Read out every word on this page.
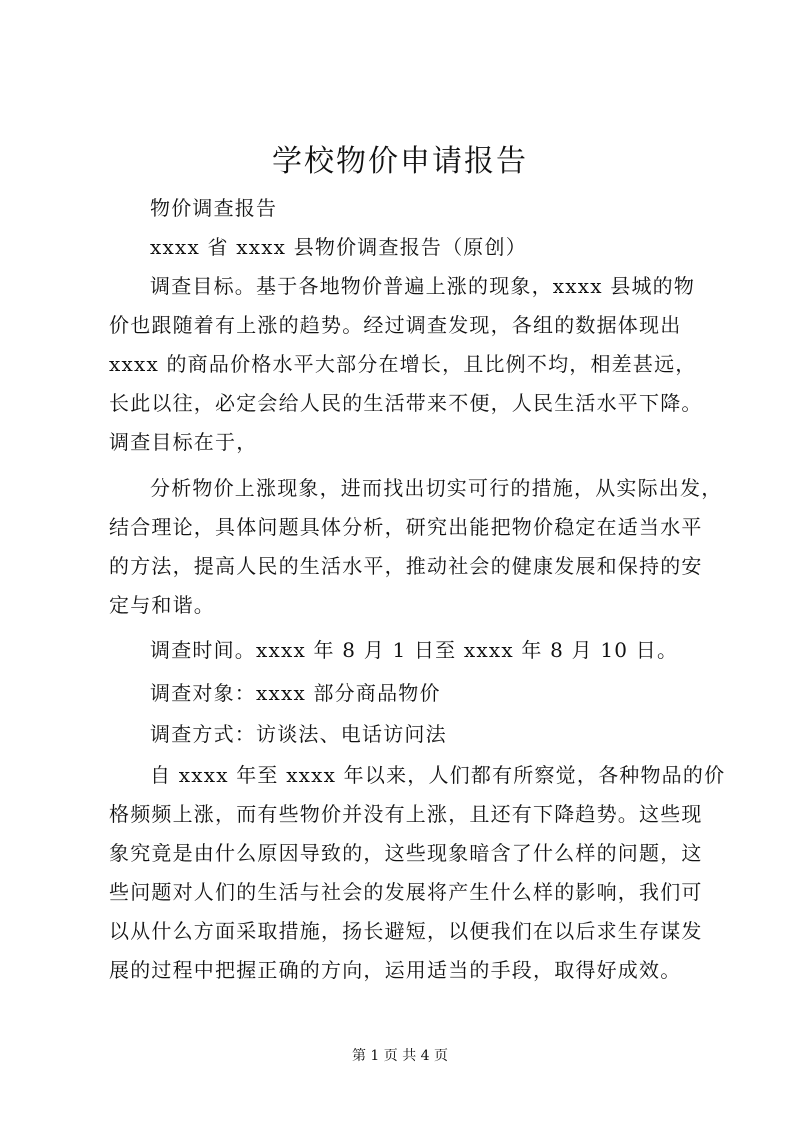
学校物价申请报告

物价调查报告

xxxx 省 xxxx 县物价调查报告（原创）

调查目标。基于各地物价普遍上涨的现象，xxxx 县城的物

价也跟随着有上涨的趋势。经过调查发现，各组的数据体现出

xxxx 的商品价格水平大部分在增长，且比例不均，相差甚远，

长此以往，必定会给人民的生活带来不便，人民生活水平下降。

调查目标在于，

分析物价上涨现象，进而找出切实可行的措施，从实际出发，

结合理论，具体问题具体分析，研究出能把物价稳定在适当水平

的方法，提高人民的生活水平，推动社会的健康发展和保持的安

定与和谐。

调查时间。xxxx 年 8 月 1 日至 xxxx 年 8 月 10 日。

调查对象：xxxx 部分商品物价

调查方式：访谈法、电话访问法

自 xxxx 年至 xxxx 年以来，人们都有所察觉，各种物品的价

格频频上涨，而有些物价并没有上涨，且还有下降趋势。这些现

象究竟是由什么原因导致的，这些现象暗含了什么样的问题，这

些问题对人们的生活与社会的发展将产生什么样的影响，我们可

以从什么方面采取措施，扬长避短，以便我们在以后求生存谋发

展的过程中把握正确的方向，运用适当的手段，取得好成效。

第 1 页 共 4 页
